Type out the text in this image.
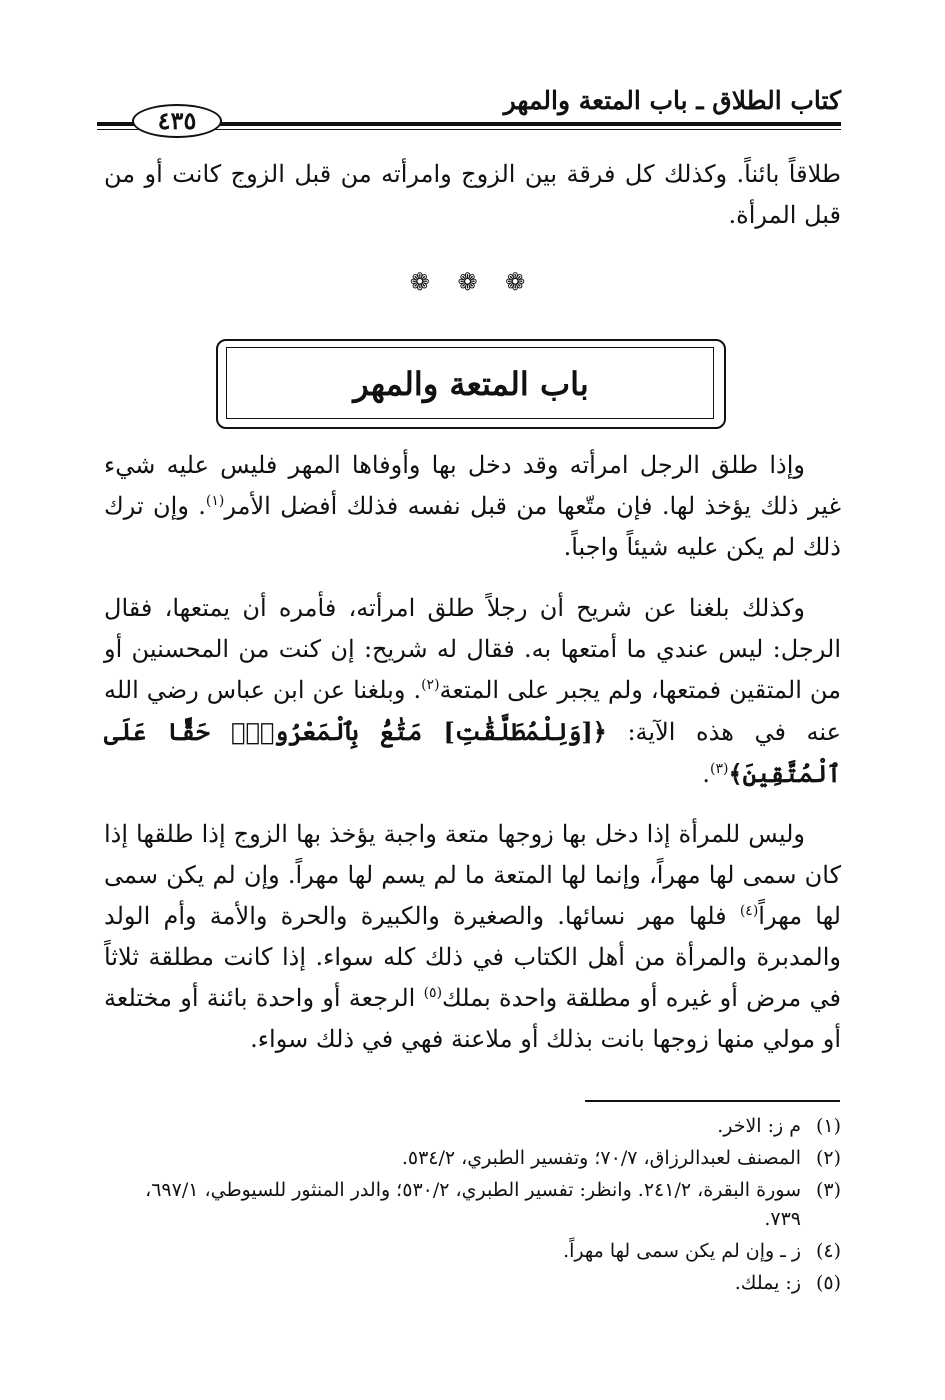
كتاب الطلاق ـ باب المتعة والمهر
٤٣٥

طلاقاً بائناً. وكذلك كل فرقة بين الزوج وامرأته من قبل الزوج كانت أو من قبل المرأة.

❁ ❁ ❁
باب المتعة والمهر

وإذا طلق الرجل امرأته وقد دخل بها وأوفاها المهر فليس عليه شيء غير ذلك يؤخذ لها. فإن متّعها من قبل نفسه فذلك أفضل الأمر$^{(١)}$. وإن ترك ذلك لم يكن عليه شيئاً واجباً.

وكذلك بلغنا عن شريح أن رجلاً طلق امرأته، فأمره أن يمتعها، فقال الرجل: ليس عندي ما أمتعها به. فقال له شريح: إن كنت من المحسنين أو من المتقين فمتعها، ولم يجبر على المتعة$^{(٢)}$. وبلغنا عن ابن عباس رضي الله عنه في هذه الآية: ﴿[وَلِلْمُطَلَّقَٰتِ] مَتَٰعُۢ بِٱلْمَعْرُوفِۖ حَقًّا عَلَى ٱلْمُتَّقِينَ﴾$^{(٣)}$.

وليس للمرأة إذا دخل بها زوجها متعة واجبة يؤخذ بها الزوج إذا طلقها إذا كان سمى لها مهراً، وإنما لها المتعة ما لم يسم لها مهراً. وإن لم يكن سمى لها مهراً$^{(٤)}$ فلها مهر نسائها. والصغيرة والكبيرة والحرة والأمة وأم الولد والمدبرة والمرأة من أهل الكتاب في ذلك كله سواء. إذا كانت مطلقة ثلاثاً في مرض أو غيره أو مطلقة واحدة بملك$^{(٥)}$ الرجعة أو واحدة بائنة أو مختلعة أو مولي منها زوجها بانت بذلك أو ملاعنة فهي في ذلك سواء.

(١)
م ز: الاخر.
(٢)
المصنف لعبدالرزاق، ٧٠/٧؛ وتفسير الطبري، ٥٣٤/٢.
(٣)
سورة البقرة، ٢٤١/٢. وانظر: تفسير الطبري، ٥٣٠/٢؛ والدر المنثور للسيوطي، ٦٩٧/١، ٧٣٩.
(٤)
ز ـ وإن لم يكن سمى لها مهراً.
(٥)
ز: يملك.
